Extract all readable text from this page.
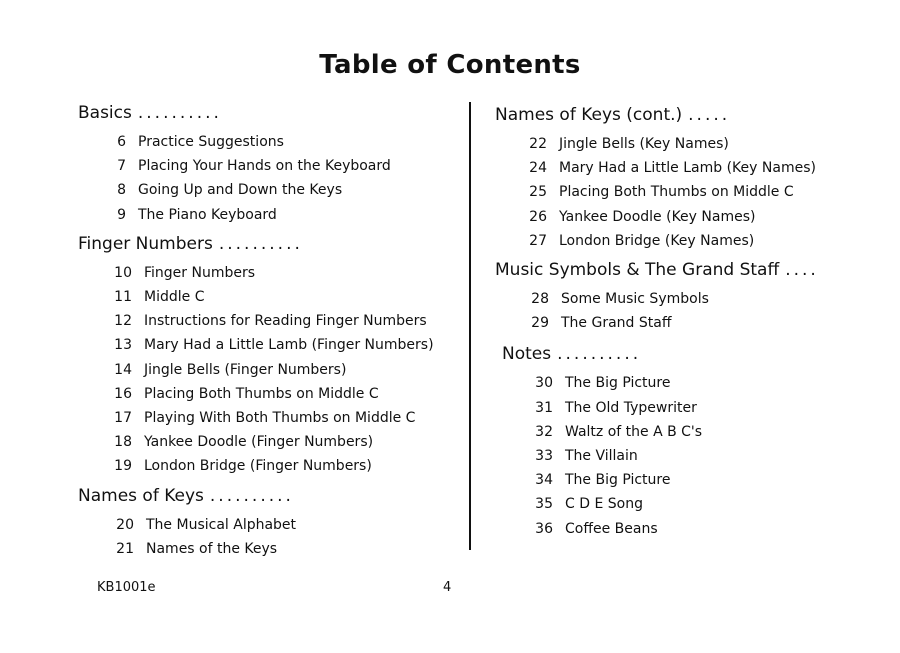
Table of Contents
Basics ..........
6 Practice Suggestions
7 Placing Your Hands on the Keyboard
8 Going Up and Down the Keys
9 The Piano Keyboard
Finger Numbers ..........
10 Finger Numbers
11 Middle C
12 Instructions for Reading Finger Numbers
13 Mary Had a Little Lamb (Finger Numbers)
14 Jingle Bells (Finger Numbers)
16 Placing Both Thumbs on Middle C
17 Playing With Both Thumbs on Middle C
18 Yankee Doodle (Finger Numbers)
19 London Bridge (Finger Numbers)
Names of Keys ..........
20 The Musical Alphabet
21 Names of the Keys
Names of Keys (cont.) .....
22 Jingle Bells (Key Names)
24 Mary Had a Little Lamb (Key Names)
25 Placing Both Thumbs on Middle C
26 Yankee Doodle (Key Names)
27 London Bridge (Key Names)
Music Symbols & The Grand Staff ....
28 Some Music Symbols
29 The Grand Staff
Notes ..........
30 The Big Picture
31 The Old Typewriter
32 Waltz of the A B C's
33 The Villain
34 The Big Picture
35 C D E Song
36 Coffee Beans
KB1001e	4
